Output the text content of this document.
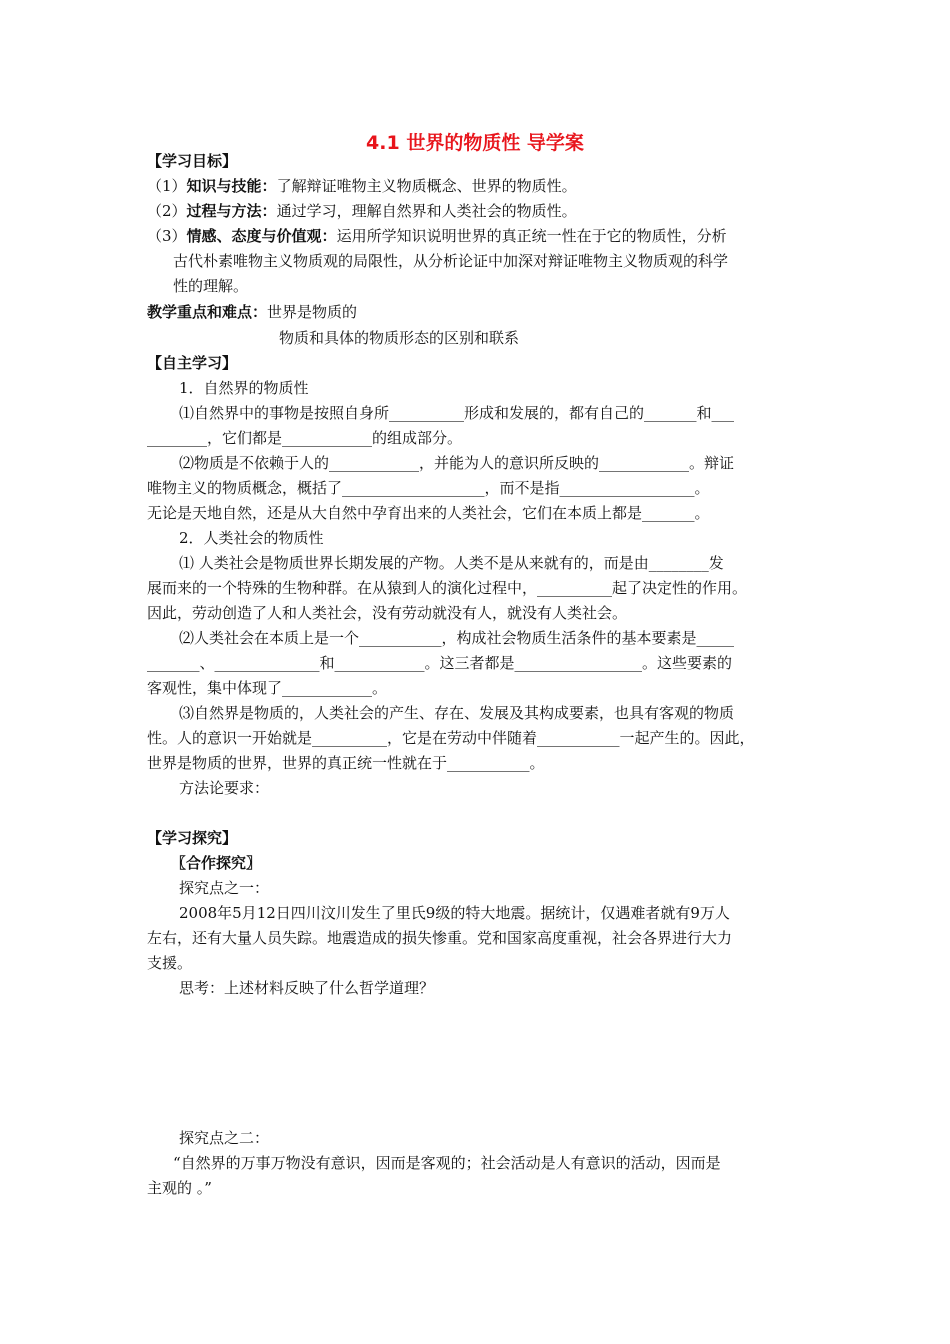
4.1 世界的物质性 导学案
【学习目标】
（1）知识与技能：了解辩证唯物主义物质概念、世界的物质性。
（2）过程与方法：通过学习，理解自然界和人类社会的物质性。
（3）情感、态度与价值观：运用所学知识说明世界的真正统一性在于它的物质性，分析
古代朴素唯物主义物质观的局限性，从分析论证中加深对辩证唯物主义物质观的科学
性的理解。
教学重点和难点：世界是物质的
物质和具体的物质形态的区别和联系
【自主学习】
1．自然界的物质性
⑴自然界中的事物是按照自身所__________形成和发展的，都有自己的_______和___
________，它们都是____________的组成部分。
⑵物质是不依赖于人的____________，并能为人的意识所反映的____________。辩证
唯物主义的物质概念，概括了___________________，而不是指__________________。
无论是天地自然，还是从大自然中孕育出来的人类社会，它们在本质上都是_______。
2．人类社会的物质性
⑴ 人类社会是物质世界长期发展的产物。人类不是从来就有的，而是由________发
展而来的一个特殊的生物种群。在从猿到人的演化过程中，__________起了决定性的作用。
因此，劳动创造了人和人类社会，没有劳动就没有人，就没有人类社会。
⑵人类社会在本质上是一个___________，构成社会物质生活条件的基本要素是_____
_______、______________和____________。这三者都是_________________。这些要素的
客观性，集中体现了____________。
⑶自然界是物质的，人类社会的产生、存在、发展及其构成要素，也具有客观的物质
性。人的意识一开始就是__________，它是在劳动中伴随着___________一起产生的。因此，
世界是物质的世界，世界的真正统一性就在于___________。
方法论要求：
【学习探究】
〖合作探究〗
探究点之一：
2008年5月12日四川汶川发生了里氏9级的特大地震。据统计，仅遇难者就有9万人
左右，还有大量人员失踪。地震造成的损失惨重。党和国家高度重视，社会各界进行大力
支援。
思考：上述材料反映了什么哲学道理？
探究点之二：
“自然界的万事万物没有意识，因而是客观的；社会活动是人有意识的活动，因而是
主观的 。”
